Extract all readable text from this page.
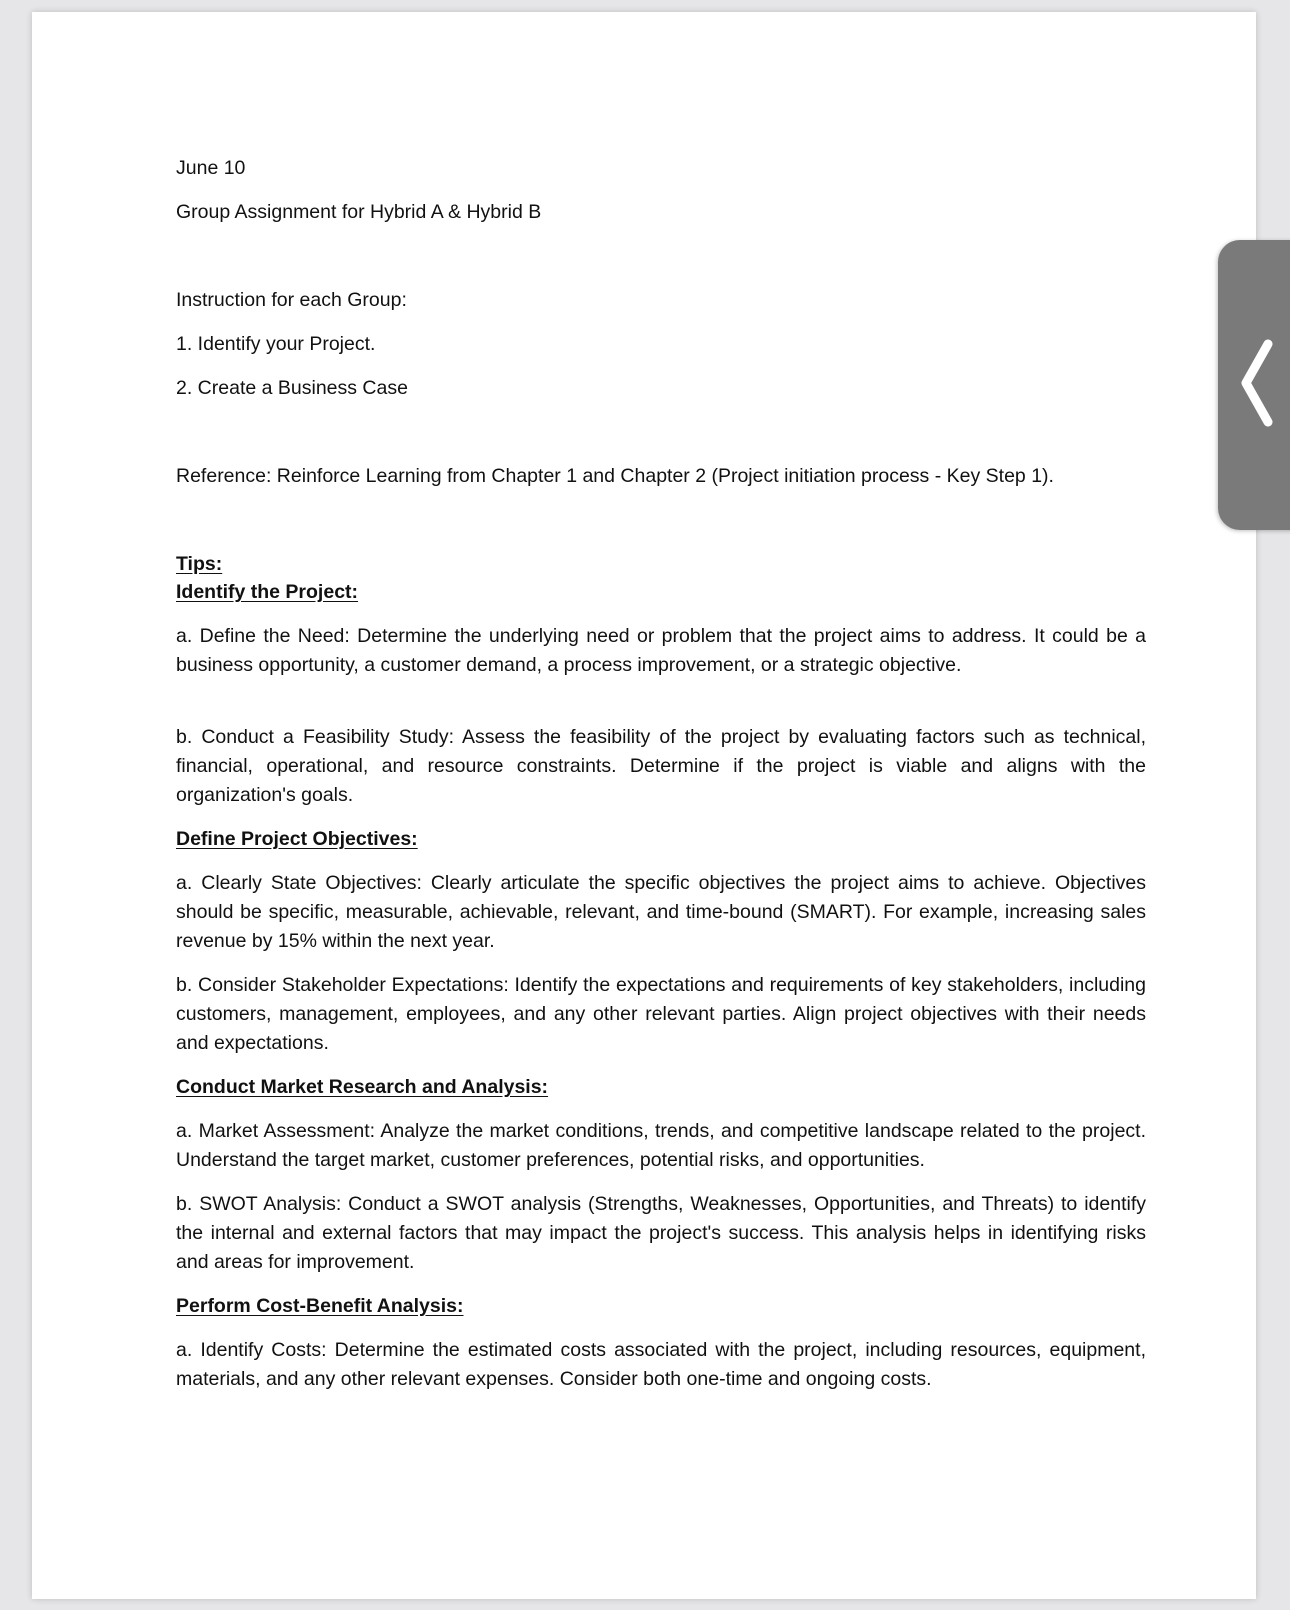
June 10

Group Assignment for Hybrid A & Hybrid B

Instruction for each Group:

1. Identify your Project.

2. Create a Business Case

Reference: Reinforce Learning from Chapter 1 and Chapter 2 (Project initiation process - Key Step 1).

Tips:

Identify the Project:

a. Define the Need: Determine the underlying need or problem that the project aims to address. It could be a business opportunity, a customer demand, a process improvement, or a strategic objective.

b. Conduct a Feasibility Study: Assess the feasibility of the project by evaluating factors such as technical, financial, operational, and resource constraints. Determine if the project is viable and aligns with the organization's goals.

Define Project Objectives:

a. Clearly State Objectives: Clearly articulate the specific objectives the project aims to achieve. Objectives should be specific, measurable, achievable, relevant, and time-bound (SMART). For example, increasing sales revenue by 15% within the next year.

b. Consider Stakeholder Expectations: Identify the expectations and requirements of key stakeholders, including customers, management, employees, and any other relevant parties. Align project objectives with their needs and expectations.

Conduct Market Research and Analysis:

a. Market Assessment: Analyze the market conditions, trends, and competitive landscape related to the project. Understand the target market, customer preferences, potential risks, and opportunities.

b. SWOT Analysis: Conduct a SWOT analysis (Strengths, Weaknesses, Opportunities, and Threats) to identify the internal and external factors that may impact the project's success. This analysis helps in identifying risks and areas for improvement.

Perform Cost-Benefit Analysis:

a. Identify Costs: Determine the estimated costs associated with the project, including resources, equipment, materials, and any other relevant expenses. Consider both one-time and ongoing costs.
